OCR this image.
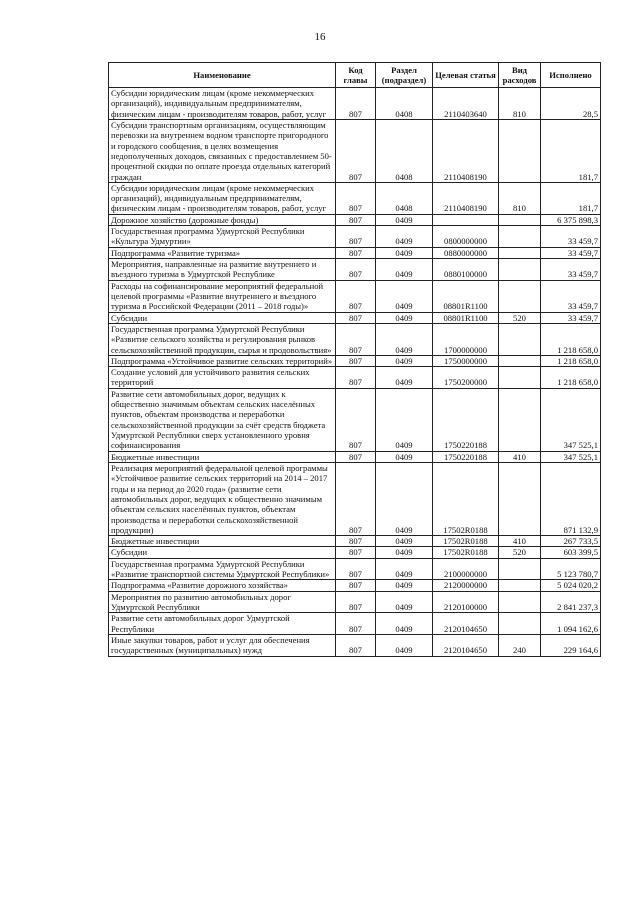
16
Наименование	Код главы	Раздел (подраздел)	Целевая статья	Вид расходов	Исполнено
Субсидии юридическим лицам (кроме некоммерческих организаций), индивидуальным предпринимателям, физическим лицам - производителям товаров, работ, услуг	807	0408	2110403640	810	28,5
Субсидии транспортным организациям, осуществляющим перевозки на внутреннем водном транспорте пригородного и городского сообщения, в целях возмещения недополученных доходов, связанных с предоставлением 50-процентной скидки по оплате проезда отдельных категорий граждан	807	0408	2110408190		181,7
Субсидии юридическим лицам (кроме некоммерческих организаций), индивидуальным предпринимателям, физическим лицам - производителям товаров, работ, услуг	807	0408	2110408190	810	181,7
Дорожное хозяйство (дорожные фонды)	807	0409			6 375 898,3
Государственная программа Удмуртской Республики «Культура Удмуртии»	807	0409	0800000000		33 459,7
Подпрограмма «Развитие туризма»	807	0409	0880000000		33 459,7
Мероприятия, направленные на развитие внутреннего и въездного туризма в Удмуртской Республике	807	0409	0880100000		33 459,7
Расходы на софинансирование мероприятий федеральной целевой программы «Развитие внутреннего и въездного туризма в Российской Федерации (2011 – 2018 годы)»	807	0409	08801R1100		33 459,7
Субсидии	807	0409	08801R1100	520	33 459,7
Государственная программа Удмуртской Республики «Развитие сельского хозяйства и регулирования рынков сельскохозяйственной продукции, сырья и продовольствия»	807	0409	1700000000		1 218 658,0
Подпрограмма «Устойчивое развитие сельских территорий»	807	0409	1750000000		1 218 658,0
Создание условий для устойчивого развития сельских территорий	807	0409	1750200000		1 218 658,0
Развитие сети автомобильных дорог, ведущих к общественно значимым объектам сельских населённых пунктов, объектам производства и переработки сельскохозяйственной продукции за счёт средств бюджета Удмуртской Республики сверх установленного уровня софинансирования	807	0409	1750220188		347 525,1
Бюджетные инвестиции	807	0409	1750220188	410	347 525,1
Реализация мероприятий федеральной целевой программы «Устойчивое развитие сельских территорий на 2014 – 2017 годы и на период до 2020 года» (развитие сети автомобильных дорог, ведущих к общественно значимым объектам сельских населённых пунктов, объектам производства и переработки сельскохозяйственной продукции)	807	0409	17502R0188		871 132,9
Бюджетные инвестиции	807	0409	17502R0188	410	267 733,5
Субсидии	807	0409	17502R0188	520	603 399,5
Государственная программа Удмуртской Республики «Развитие транспортной системы Удмуртской Республики»	807	0409	2100000000		5 123 780,7
Подпрограмма «Развитие дорожного хозяйства»	807	0409	2120000000		5 024 020,2
Мероприятия по развитию автомобильных дорог Удмуртской Республики	807	0409	2120100000		2 841 237,3
Развитие сети автомобильных дорог Удмуртской Республики	807	0409	2120104650		1 094 162,6
Иные закупки товаров, работ и услуг для обеспечения государственных (муниципальных) нужд	807	0409	2120104650	240	229 164,6
